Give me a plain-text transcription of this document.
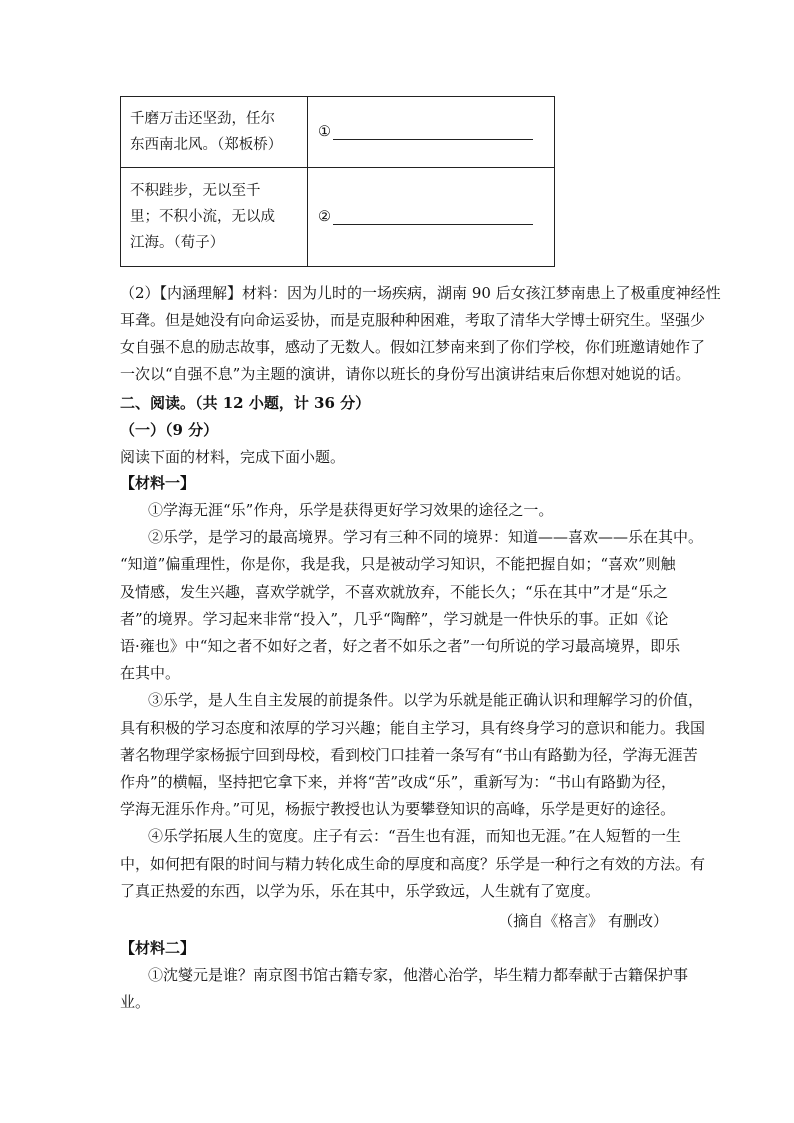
千磨万击还坚劲，任尔
东西南北风。（郑板桥）	①

不积跬步，无以至千
里；不积小流，无以成
江海。（荀子）	②
（2）【内涵理解】材料：因为儿时的一场疾病，湖南 90 后女孩江梦南患上了极重度神经性
耳聋。但是她没有向命运妥协，而是克服种种困难，考取了清华大学博士研究生。坚强少
女自强不息的励志故事，感动了无数人。假如江梦南来到了你们学校，你们班邀请她作了
一次以“自强不息”为主题的演讲，请你以班长的身份写出演讲结束后你想对她说的话。
二、阅读。（共 12 小题，计 36 分）
（一）（9 分）
阅读下面的材料，完成下面小题。
【材料一】
①学海无涯“乐”作舟，乐学是获得更好学习效果的途径之一。
②乐学，是学习的最高境界。学习有三种不同的境界：知道——喜欢——乐在其中。
“知道”偏重理性，你是你，我是我，只是被动学习知识，不能把握自如；“喜欢”则触
及情感，发生兴趣，喜欢学就学，不喜欢就放弃，不能长久；“乐在其中”才是“乐之
者”的境界。学习起来非常“投入”，几乎“陶醉”，学习就是一件快乐的事。正如《论
语·雍也》中“知之者不如好之者，好之者不如乐之者”一句所说的学习最高境界，即乐
在其中。
③乐学，是人生自主发展的前提条件。以学为乐就是能正确认识和理解学习的价值，
具有积极的学习态度和浓厚的学习兴趣；能自主学习，具有终身学习的意识和能力。我国
著名物理学家杨振宁回到母校，看到校门口挂着一条写有“书山有路勤为径，学海无涯苦
作舟”的横幅，坚持把它拿下来，并将“苦”改成“乐”，重新写为：“书山有路勤为径，
学海无涯乐作舟。”可见，杨振宁教授也认为要攀登知识的高峰，乐学是更好的途径。
④乐学拓展人生的宽度。庄子有云：“吾生也有涯，而知也无涯。”在人短暂的一生
中，如何把有限的时间与精力转化成生命的厚度和高度？乐学是一种行之有效的方法。有
了真正热爱的东西，以学为乐，乐在其中，乐学致远，人生就有了宽度。
（摘自《格言》 有删改）
【材料二】
①沈燮元是谁？南京图书馆古籍专家，他潜心治学，毕生精力都奉献于古籍保护事
业。
